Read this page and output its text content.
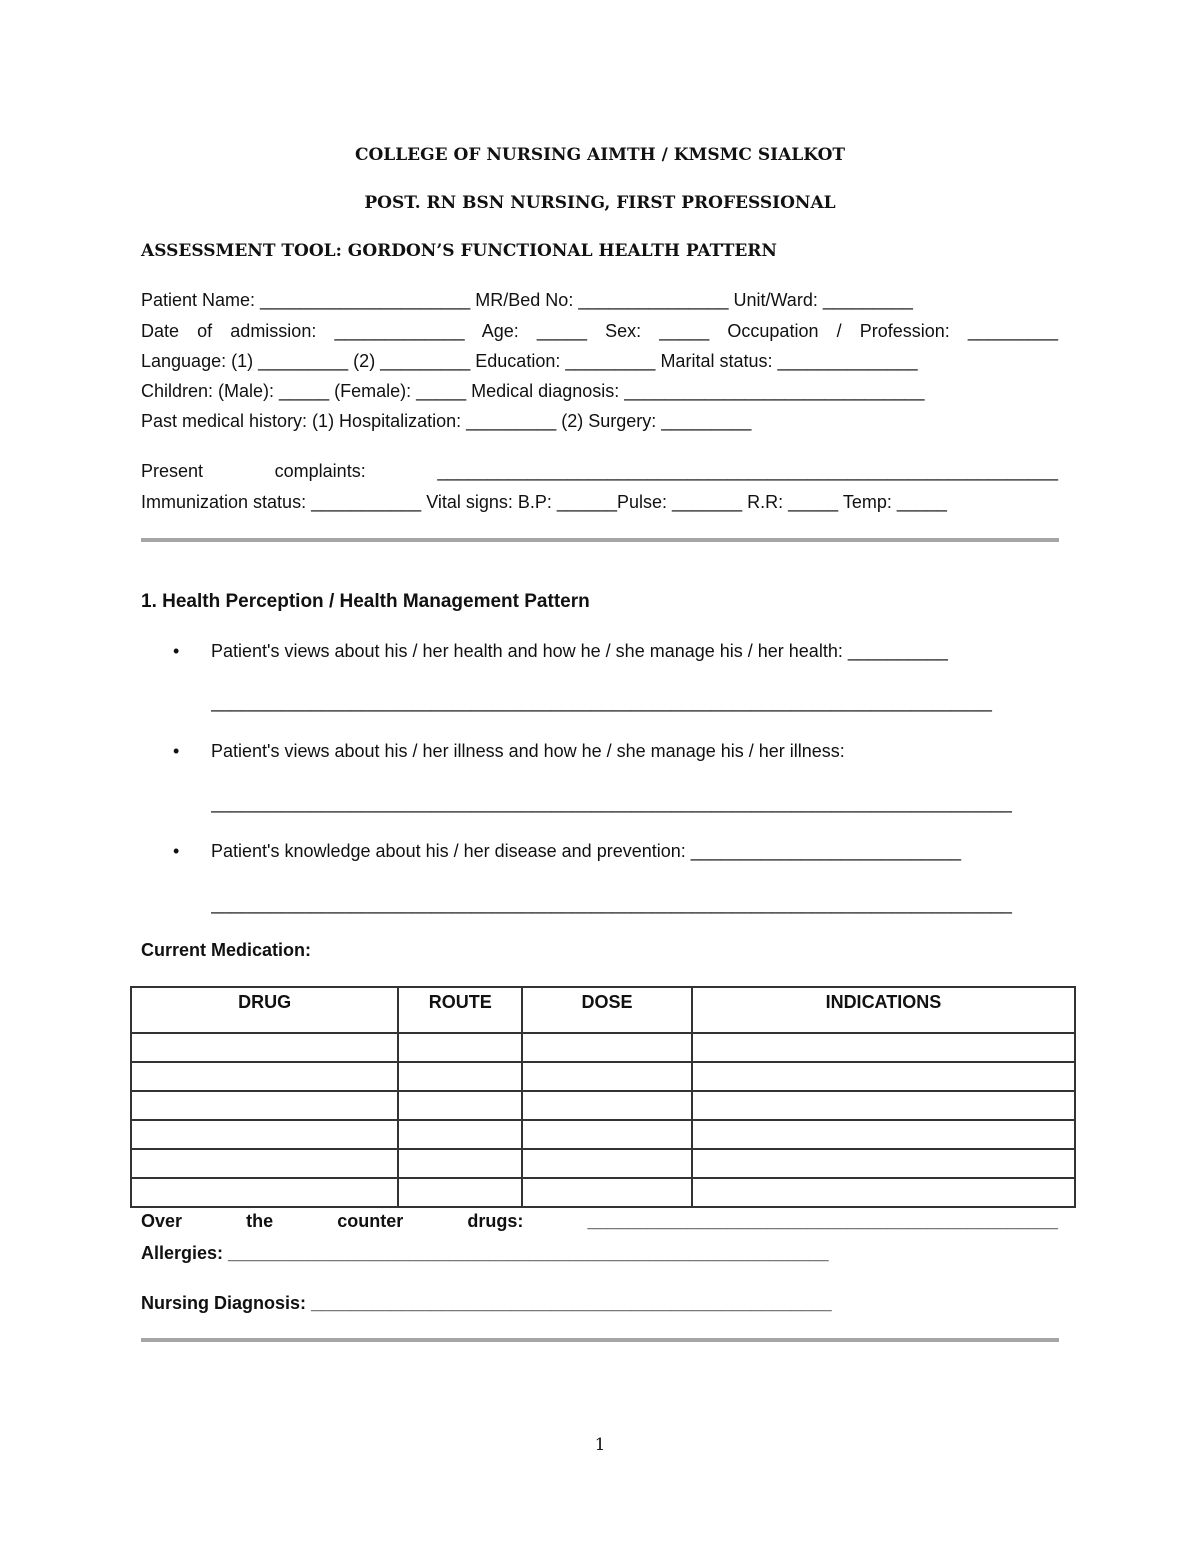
COLLEGE OF NURSING AIMTH / KMSMC SIALKOT
POST. RN BSN NURSING, FIRST PROFESSIONAL
ASSESSMENT TOOL: GORDON’S FUNCTIONAL HEALTH PATTERN
Patient Name: _____________________ MR/Bed No: _______________ Unit/Ward: _________
Date of admission: _____________ Age: _____ Sex: _____ Occupation / Profession: _________
Language: (1) _________ (2) _________ Education: _________ Marital status: ______________
Children: (Male): _____ (Female): _____ Medical diagnosis: ______________________________
Past medical history: (1) Hospitalization: _________ (2) Surgery: _________
Present complaints: ______________________________________________________________
Immunization status: ___________ Vital signs: B.P: ______Pulse: _______ R.R: _____ Temp: _____
1. Health Perception / Health Management Pattern
• Patient's views about his / her health and how he / she manage his / her health: __________
______________________________________________________________________________
• Patient's views about his / her illness and how he / she manage his / her illness:
________________________________________________________________________________
• Patient's knowledge about his / her disease and prevention: ___________________________
________________________________________________________________________________
Current Medication:
DRUG	ROUTE	DOSE	INDICATIONS

Over	the	counter	drugs:	_______________________________________________
Allergies: ____________________________________________________________
Nursing Diagnosis: ____________________________________________________
1
